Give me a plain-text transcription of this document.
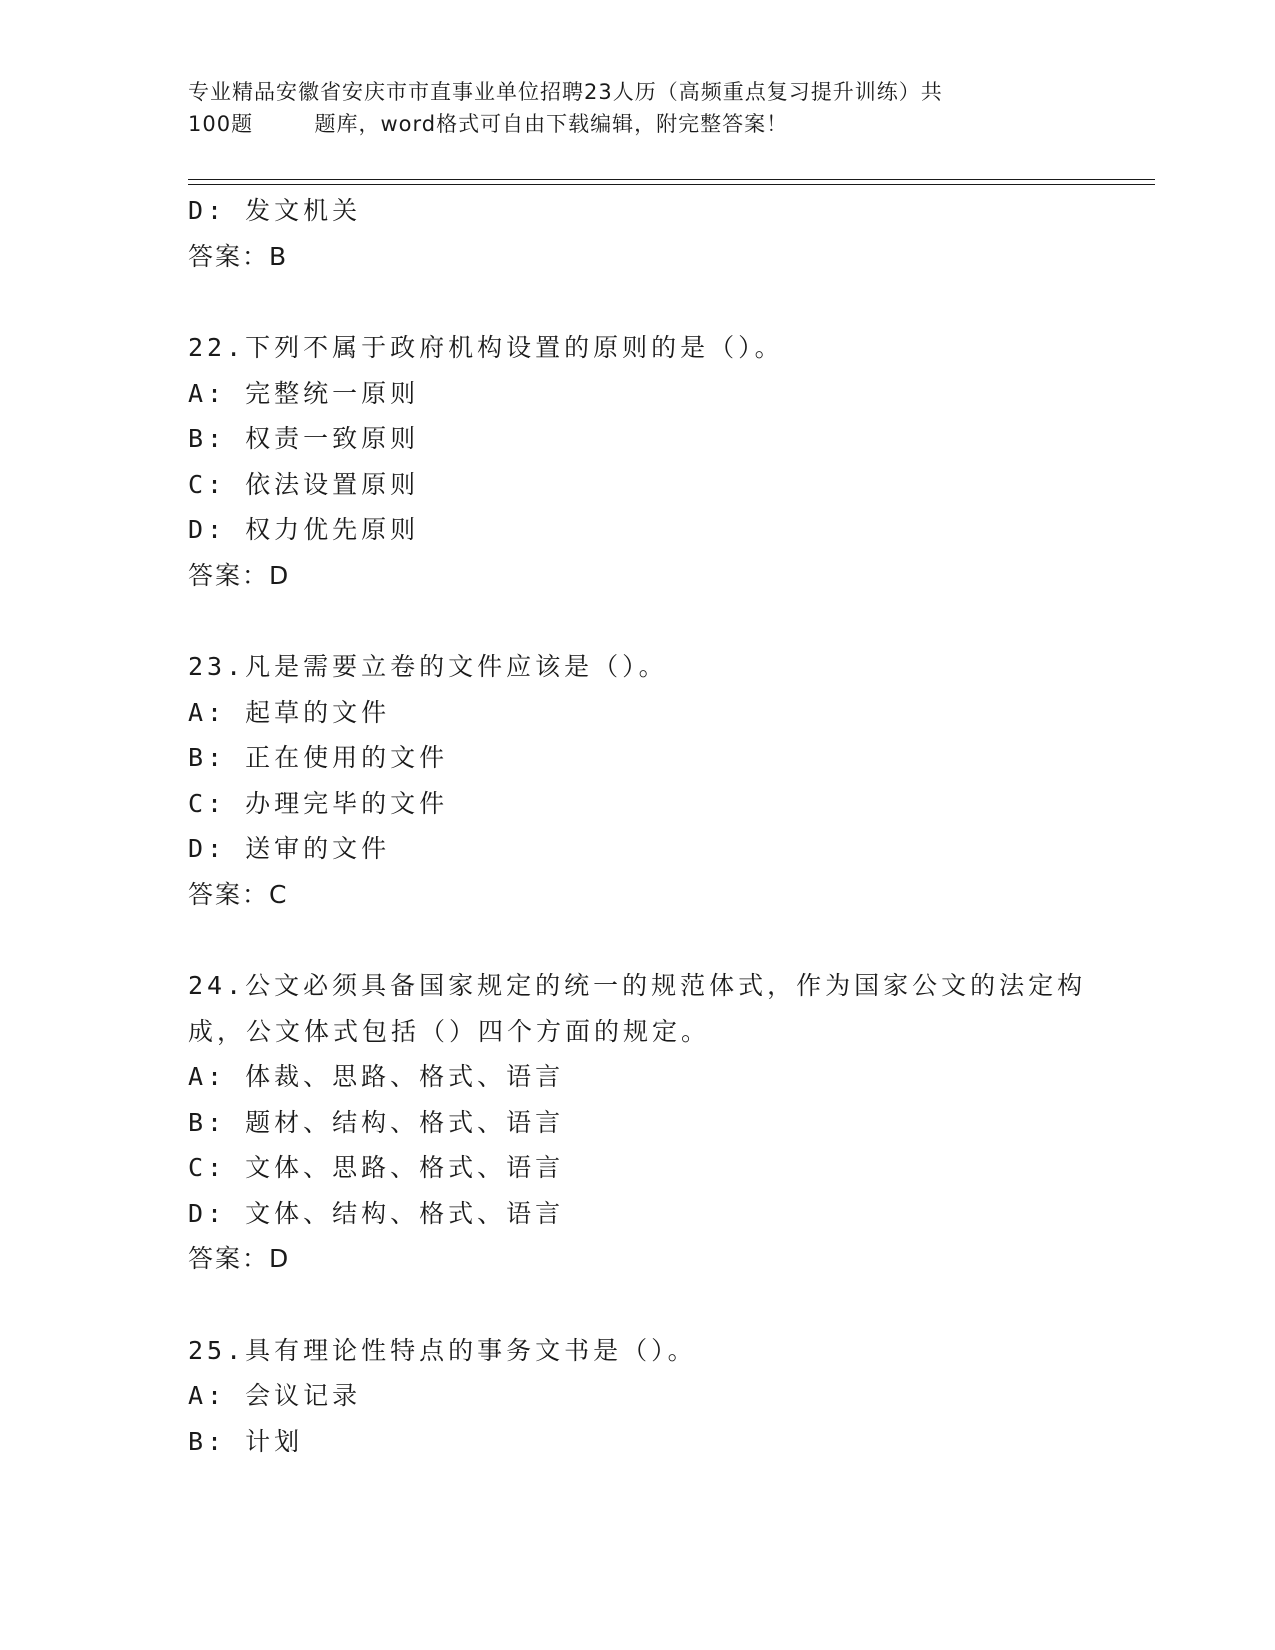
专业精品安徽省安庆市市直事业单位招聘23人历（高频重点复习提升训练）共
100题        题库，word格式可自由下载编辑，附完整答案！
D: 发文机关
答案：B
22.下列不属于政府机构设置的原则的是（）。
A: 完整统一原则
B: 权责一致原则
C: 依法设置原则
D: 权力优先原则
答案：D
23.凡是需要立卷的文件应该是（）。
A: 起草的文件
B: 正在使用的文件
C: 办理完毕的文件
D: 送审的文件
答案：C
24.公文必须具备国家规定的统一的规范体式，作为国家公文的法定构
成，公文体式包括（）四个方面的规定。
A: 体裁、思路、格式、语言
B: 题材、结构、格式、语言
C: 文体、思路、格式、语言
D: 文体、结构、格式、语言
答案：D
25.具有理论性特点的事务文书是（）。
A: 会议记录
B: 计划
